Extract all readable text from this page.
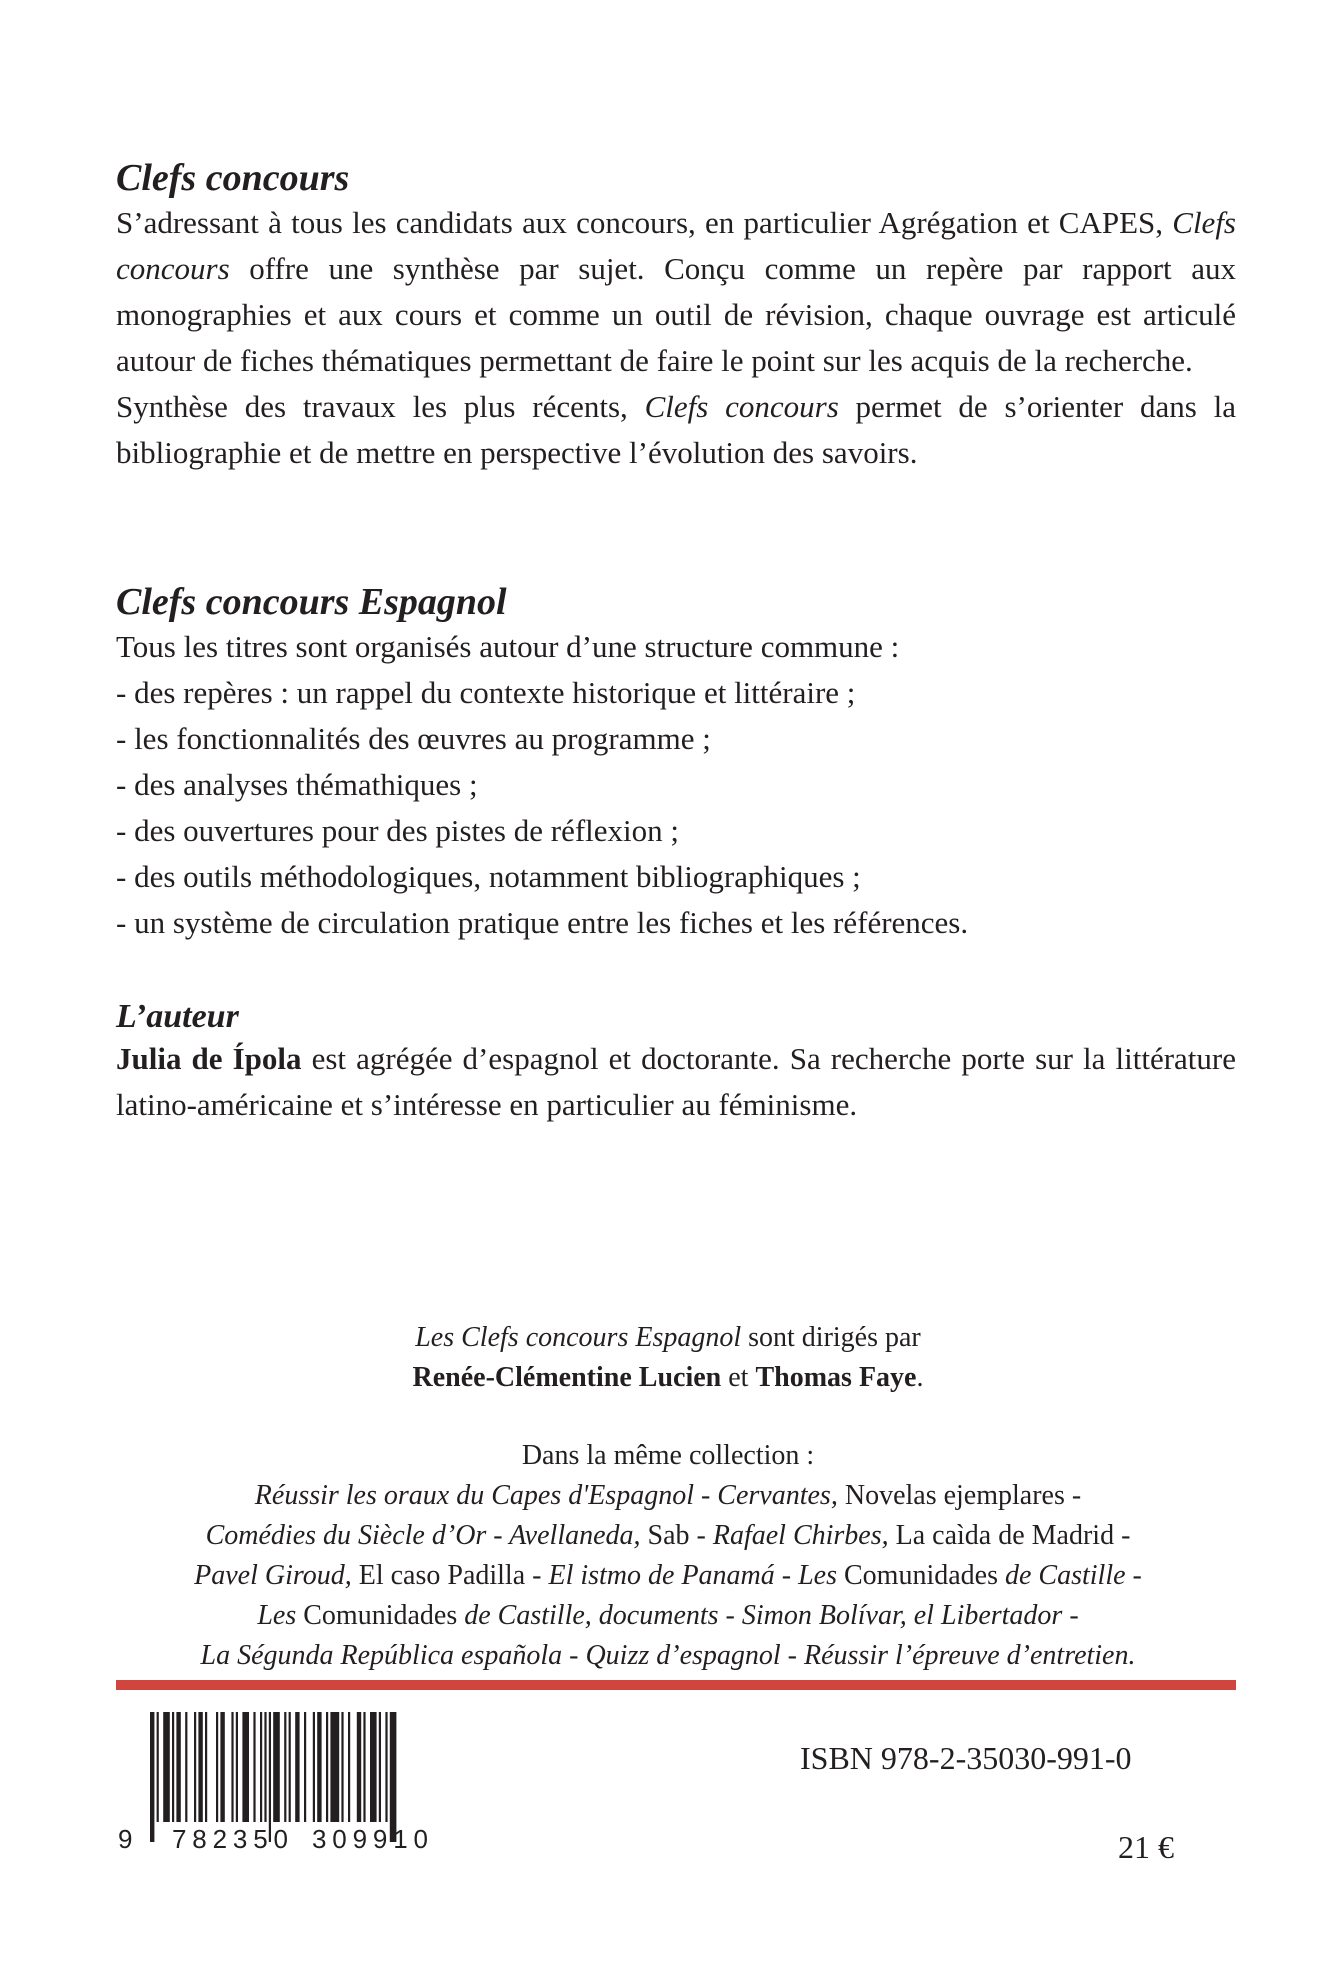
Clefs concours

S’adressant à tous les candidats aux concours, en particulier Agrégation et CAPES, Clefs concours offre une synthèse par sujet. Conçu comme un repère par rapport aux monographies et aux cours et comme un outil de révision, chaque ouvrage est articulé autour de fiches thématiques permettant de faire le point sur les acquis de la recherche.

Synthèse des travaux les plus récents, Clefs concours permet de s’orienter dans la bibliographie et de mettre en perspective l’évolution des savoirs.

Clefs concours Espagnol

Tous les titres sont organisés autour d’une structure commune :

- des repères : un rappel du contexte historique et littéraire ;

- les fonctionnalités des œuvres au programme ;

- des analyses thémathiques ;

- des ouvertures pour des pistes de réflexion ;

- des outils méthodologiques, notamment bibliographiques ;

- un système de circulation pratique entre les fiches et les références.

L’auteur

Julia de Ípola est agrégée d’espagnol et doctorante. Sa recherche porte sur la littérature latino-américaine et s’intéresse en particulier au féminisme.

Les Clefs concours Espagnol sont dirigés par
Renée-Clémentine Lucien et Thomas Faye.
Dans la même collection :
Réussir les oraux du Capes d'Espagnol - Cervantes, Novelas ejemplares -
Comédies du Siècle d’Or - Avellaneda, Sab - Rafael Chirbes, La caìda de Madrid -
Pavel Giroud, El caso Padilla - El istmo de Panamá - Les Comunidades de Castille -
Les Comunidades de Castille, documents - Simon Bolívar, el Libertador -
La Ségunda República española - Quizz d’espagnol - Réussir l’épreuve d’entretien.
9 782350 309910
ISBN 978-2-35030-991-0
21 €
